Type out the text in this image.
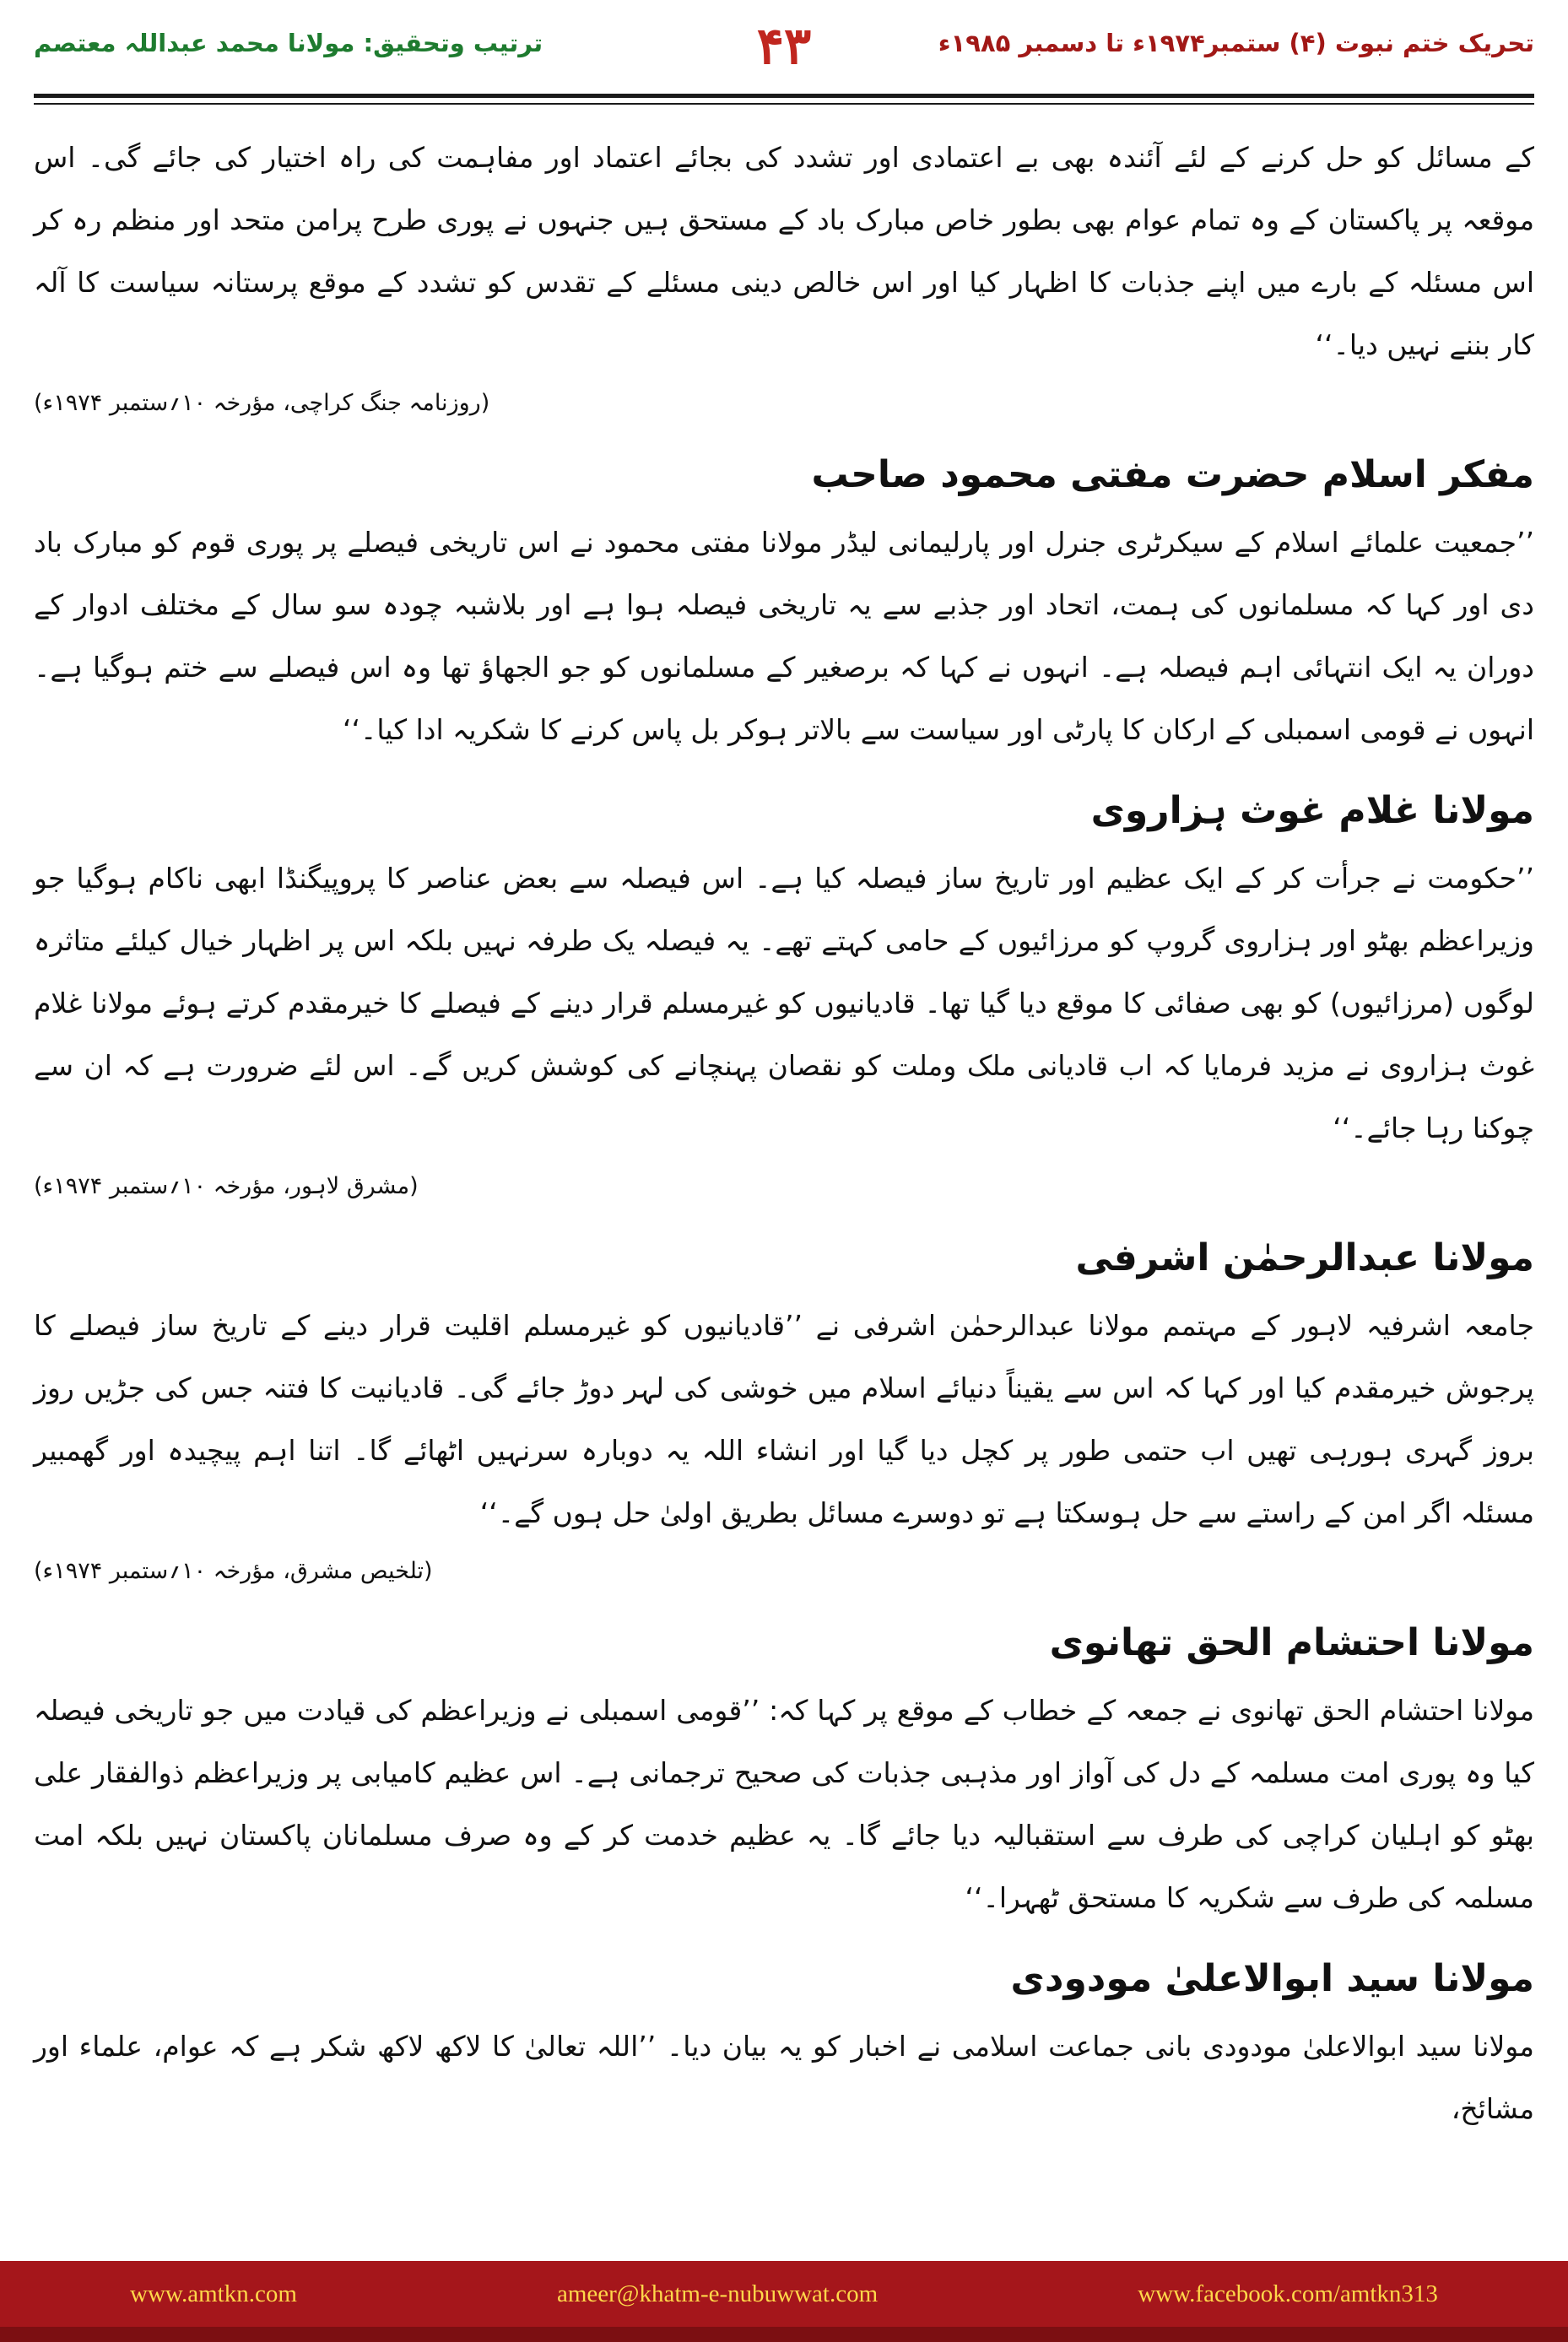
ترتیب وتحقیق: مولانا محمد عبداللہ معتصم	۴۳	تحریک ختم نبوت (۴) ستمبر۱۹۷۴ء تا دسمبر ۱۹۸۵ء

کے مسائل کو حل کرنے کے لئے آئندہ بھی بے اعتمادی اور تشدد کی بجائے اعتماد اور مفاہمت کی راہ اختیار کی جائے گی۔ اس موقعہ پر پاکستان کے وہ تمام عوام بھی بطور خاص مبارک باد کے مستحق ہیں جنہوں نے پوری طرح پرامن متحد اور منظم رہ کر اس مسئلہ کے بارے میں اپنے جذبات کا اظہار کیا اور اس خالص دینی مسئلے کے تقدس کو تشدد کے موقع پرستانہ سیاست کا آلہ کار بننے نہیں دیا۔‘‘

(روزنامہ جنگ کراچی، مؤرخہ ۱۰؍ستمبر ۱۹۷۴ء)
مفکر اسلام حضرت مفتی محمود صاحب

’’جمعیت علمائے اسلام کے سیکرٹری جنرل اور پارلیمانی لیڈر مولانا مفتی محمود نے اس تاریخی فیصلے پر پوری قوم کو مبارک باد دی اور کہا کہ مسلمانوں کی ہمت، اتحاد اور جذبے سے یہ تاریخی فیصلہ ہوا ہے اور بلاشبہ چودہ سو سال کے مختلف ادوار کے دوران یہ ایک انتہائی اہم فیصلہ ہے۔ انہوں نے کہا کہ برصغیر کے مسلمانوں کو جو الجھاؤ تھا وہ اس فیصلے سے ختم ہوگیا ہے۔ انہوں نے قومی اسمبلی کے ارکان کا پارٹی اور سیاست سے بالاتر ہوکر بل پاس کرنے کا شکریہ ادا کیا۔‘‘

مولانا غلام غوث ہزاروی

’’حکومت نے جرأت کر کے ایک عظیم اور تاریخ ساز فیصلہ کیا ہے۔ اس فیصلہ سے بعض عناصر کا پروپیگنڈا ابھی ناکام ہوگیا جو وزیراعظم بھٹو اور ہزاروی گروپ کو مرزائیوں کے حامی کہتے تھے۔ یہ فیصلہ یک طرفہ نہیں بلکہ اس پر اظہار خیال کیلئے متاثرہ لوگوں (مرزائیوں) کو بھی صفائی کا موقع دیا گیا تھا۔ قادیانیوں کو غیرمسلم قرار دینے کے فیصلے کا خیرمقدم کرتے ہوئے مولانا غلام غوث ہزاروی نے مزید فرمایا کہ اب قادیانی ملک وملت کو نقصان پہنچانے کی کوشش کریں گے۔ اس لئے ضرورت ہے کہ ان سے چوکنا رہا جائے۔‘‘

(مشرق لاہور، مؤرخہ ۱۰؍ستمبر ۱۹۷۴ء)
مولانا عبدالرحمٰن اشرفی

جامعہ اشرفیہ لاہور کے مہتمم مولانا عبدالرحمٰن اشرفی نے ’’قادیانیوں کو غیرمسلم اقلیت قرار دینے کے تاریخ ساز فیصلے کا پرجوش خیرمقدم کیا اور کہا کہ اس سے یقیناً دنیائے اسلام میں خوشی کی لہر دوڑ جائے گی۔ قادیانیت کا فتنہ جس کی جڑیں روز بروز گہری ہورہی تھیں اب حتمی طور پر کچل دیا گیا اور انشاء اللہ یہ دوبارہ سرنہیں اٹھائے گا۔ اتنا اہم پیچیدہ اور گھمبیر مسئلہ اگر امن کے راستے سے حل ہوسکتا ہے تو دوسرے مسائل بطریق اولیٰ حل ہوں گے۔‘‘

(تلخیص مشرق، مؤرخہ ۱۰؍ستمبر ۱۹۷۴ء)
مولانا احتشام الحق تھانوی

مولانا احتشام الحق تھانوی نے جمعہ کے خطاب کے موقع پر کہا کہ: ’’قومی اسمبلی نے وزیراعظم کی قیادت میں جو تاریخی فیصلہ کیا وہ پوری امت مسلمہ کے دل کی آواز اور مذہبی جذبات کی صحیح ترجمانی ہے۔ اس عظیم کامیابی پر وزیراعظم ذوالفقار علی بھٹو کو اہلیان کراچی کی طرف سے استقبالیہ دیا جائے گا۔ یہ عظیم خدمت کر کے وہ صرف مسلمانان پاکستان نہیں بلکہ امت مسلمہ کی طرف سے شکریہ کا مستحق ٹھہرا۔‘‘

مولانا سید ابوالاعلیٰ مودودی

مولانا سید ابوالاعلیٰ مودودی بانی جماعت اسلامی نے اخبار کو یہ بیان دیا۔ ’’اللہ تعالیٰ کا لاکھ لاکھ شکر ہے کہ عوام، علماء اور مشائخ،

www.amtkn.com	ameer@khatm-e-nubuwwat.com	www.facebook.com/amtkn313
